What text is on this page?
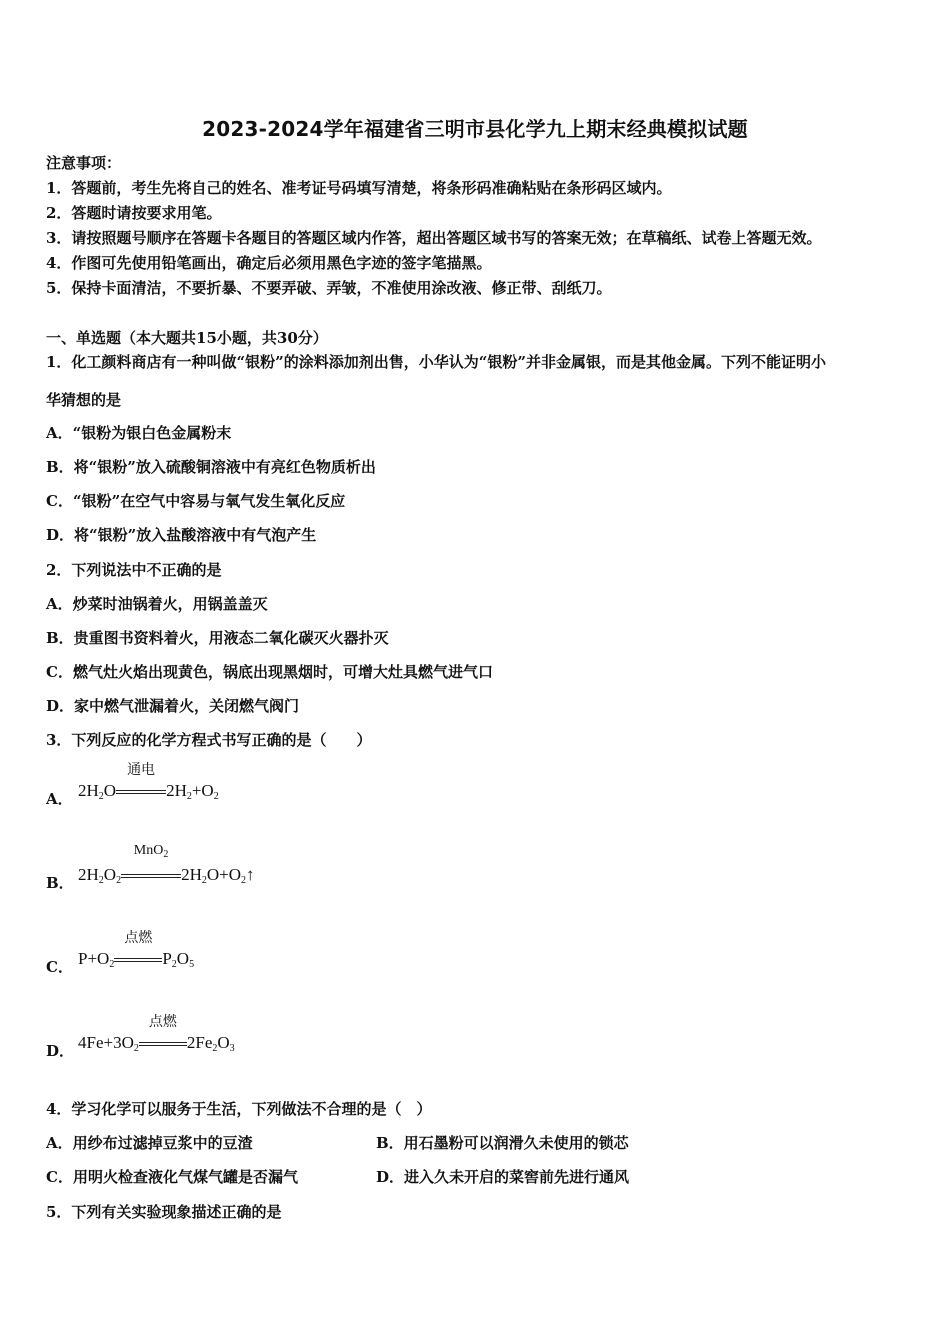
2023-2024学年福建省三明市县化学九上期末经典模拟试题
注意事项：
1．答题前，考生先将自己的姓名、准考证号码填写清楚，将条形码准确粘贴在条形码区域内。
2．答题时请按要求用笔。
3．请按照题号顺序在答题卡各题目的答题区域内作答，超出答题区域书写的答案无效；在草稿纸、试卷上答题无效。
4．作图可先使用铅笔画出，确定后必须用黑色字迹的签字笔描黑。
5．保持卡面清洁，不要折暴、不要弄破、弄皱，不准使用涂改液、修正带、刮纸刀。
一、单选题（本大题共15小题，共30分）
1．化工颜料商店有一种叫做“银粉”的涂料添加剂出售，小华认为“银粉”并非金属银，而是其他金属。下列不能证明小
华猜想的是
A．“银粉为银白色金属粉末
B．将“银粉”放入硫酸铜溶液中有亮红色物质析出
C．“银粉”在空气中容易与氧气发生氧化反应
D．将“银粉”放入盐酸溶液中有气泡产生
2．下列说法中不正确的是
A．炒菜时油锅着火，用锅盖盖灭
B．贵重图书资料着火，用液态二氧化碳灭火器扑灭
C．燃气灶火焰出现黄色，锅底出现黑烟时，可增大灶具燃气进气口
D．家中燃气泄漏着火，关闭燃气阀门
3．下列反应的化学方程式书写正确的是（　　）
A． $2H_2O$
通电
$2H_2+O_2$
B． $2H_2O_2$
MnO$_2$
$2H_2O+O_2↑$
C． $P+O_2$
点燃
$P_2O_5$
D． $4Fe+3O_2$
点燃
$2Fe_2O_3$
4．学习化学可以服务于生活，下列做法不合理的是（　）
A．用纱布过滤掉豆浆中的豆渣	B．用石墨粉可以润滑久未使用的锁芯
C．用明火检查液化气煤气罐是否漏气	D．进入久未开启的菜窖前先进行通风
5．下列有关实验现象描述正确的是
